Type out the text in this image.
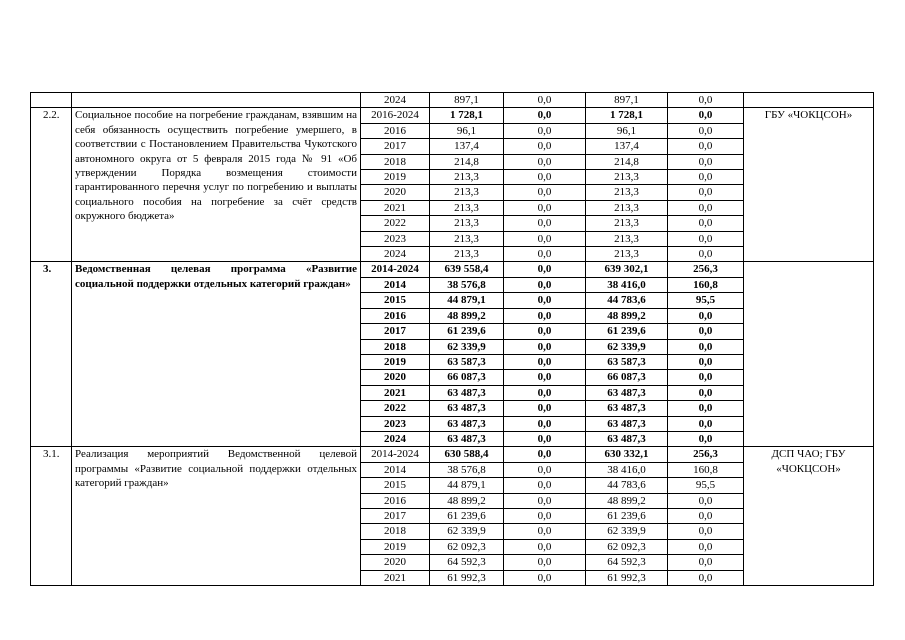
		2024	897,1	0,0	897,1	0,0	
2.2.	Социальное пособие на погребение гражданам, взявшим на себя обязанность осуществить погребение умершего, в соответствии с Постановлением Правительства Чукотского автономного округа от 5 февраля 2015 года № 91 «Об утверждении Порядка возмещения стоимости гарантированного перечня услуг по погребению и выплаты социального пособия на погребение за счёт средств окружного бюджета»	2016-2024	1 728,1	0,0	1 728,1	0,0	ГБУ «ЧОКЦСОН»
		2016	96,1	0,0	96,1	0,0	
		2017	137,4	0,0	137,4	0,0	
		2018	214,8	0,0	214,8	0,0	
		2019	213,3	0,0	213,3	0,0	
		2020	213,3	0,0	213,3	0,0	
		2021	213,3	0,0	213,3	0,0	
		2022	213,3	0,0	213,3	0,0	
		2023	213,3	0,0	213,3	0,0	
		2024	213,3	0,0	213,3	0,0	
3.	Ведомственная целевая программа «Развитие социальной поддержки отдельных категорий граждан»	2014-2024	639 558,4	0,0	639 302,1	256,3	
		2014	38 576,8	0,0	38 416,0	160,8	
		2015	44 879,1	0,0	44 783,6	95,5	
		2016	48 899,2	0,0	48 899,2	0,0	
		2017	61 239,6	0,0	61 239,6	0,0	
		2018	62 339,9	0,0	62 339,9	0,0	
		2019	63 587,3	0,0	63 587,3	0,0	
		2020	66 087,3	0,0	66 087,3	0,0	
		2021	63 487,3	0,0	63 487,3	0,0	
		2022	63 487,3	0,0	63 487,3	0,0	
		2023	63 487,3	0,0	63 487,3	0,0	
		2024	63 487,3	0,0	63 487,3	0,0	
3.1.	Реализация мероприятий Ведомственной целевой программы «Развитие социальной поддержки отдельных категорий граждан»	2014-2024	630 588,4	0,0	630 332,1	256,3	ДСП ЧАО; ГБУ «ЧОКЦСОН»
		2014	38 576,8	0,0	38 416,0	160,8	
		2015	44 879,1	0,0	44 783,6	95,5	
		2016	48 899,2	0,0	48 899,2	0,0	
		2017	61 239,6	0,0	61 239,6	0,0	
		2018	62 339,9	0,0	62 339,9	0,0	
		2019	62 092,3	0,0	62 092,3	0,0	
		2020	64 592,3	0,0	64 592,3	0,0	
		2021	61 992,3	0,0	61 992,3	0,0	
